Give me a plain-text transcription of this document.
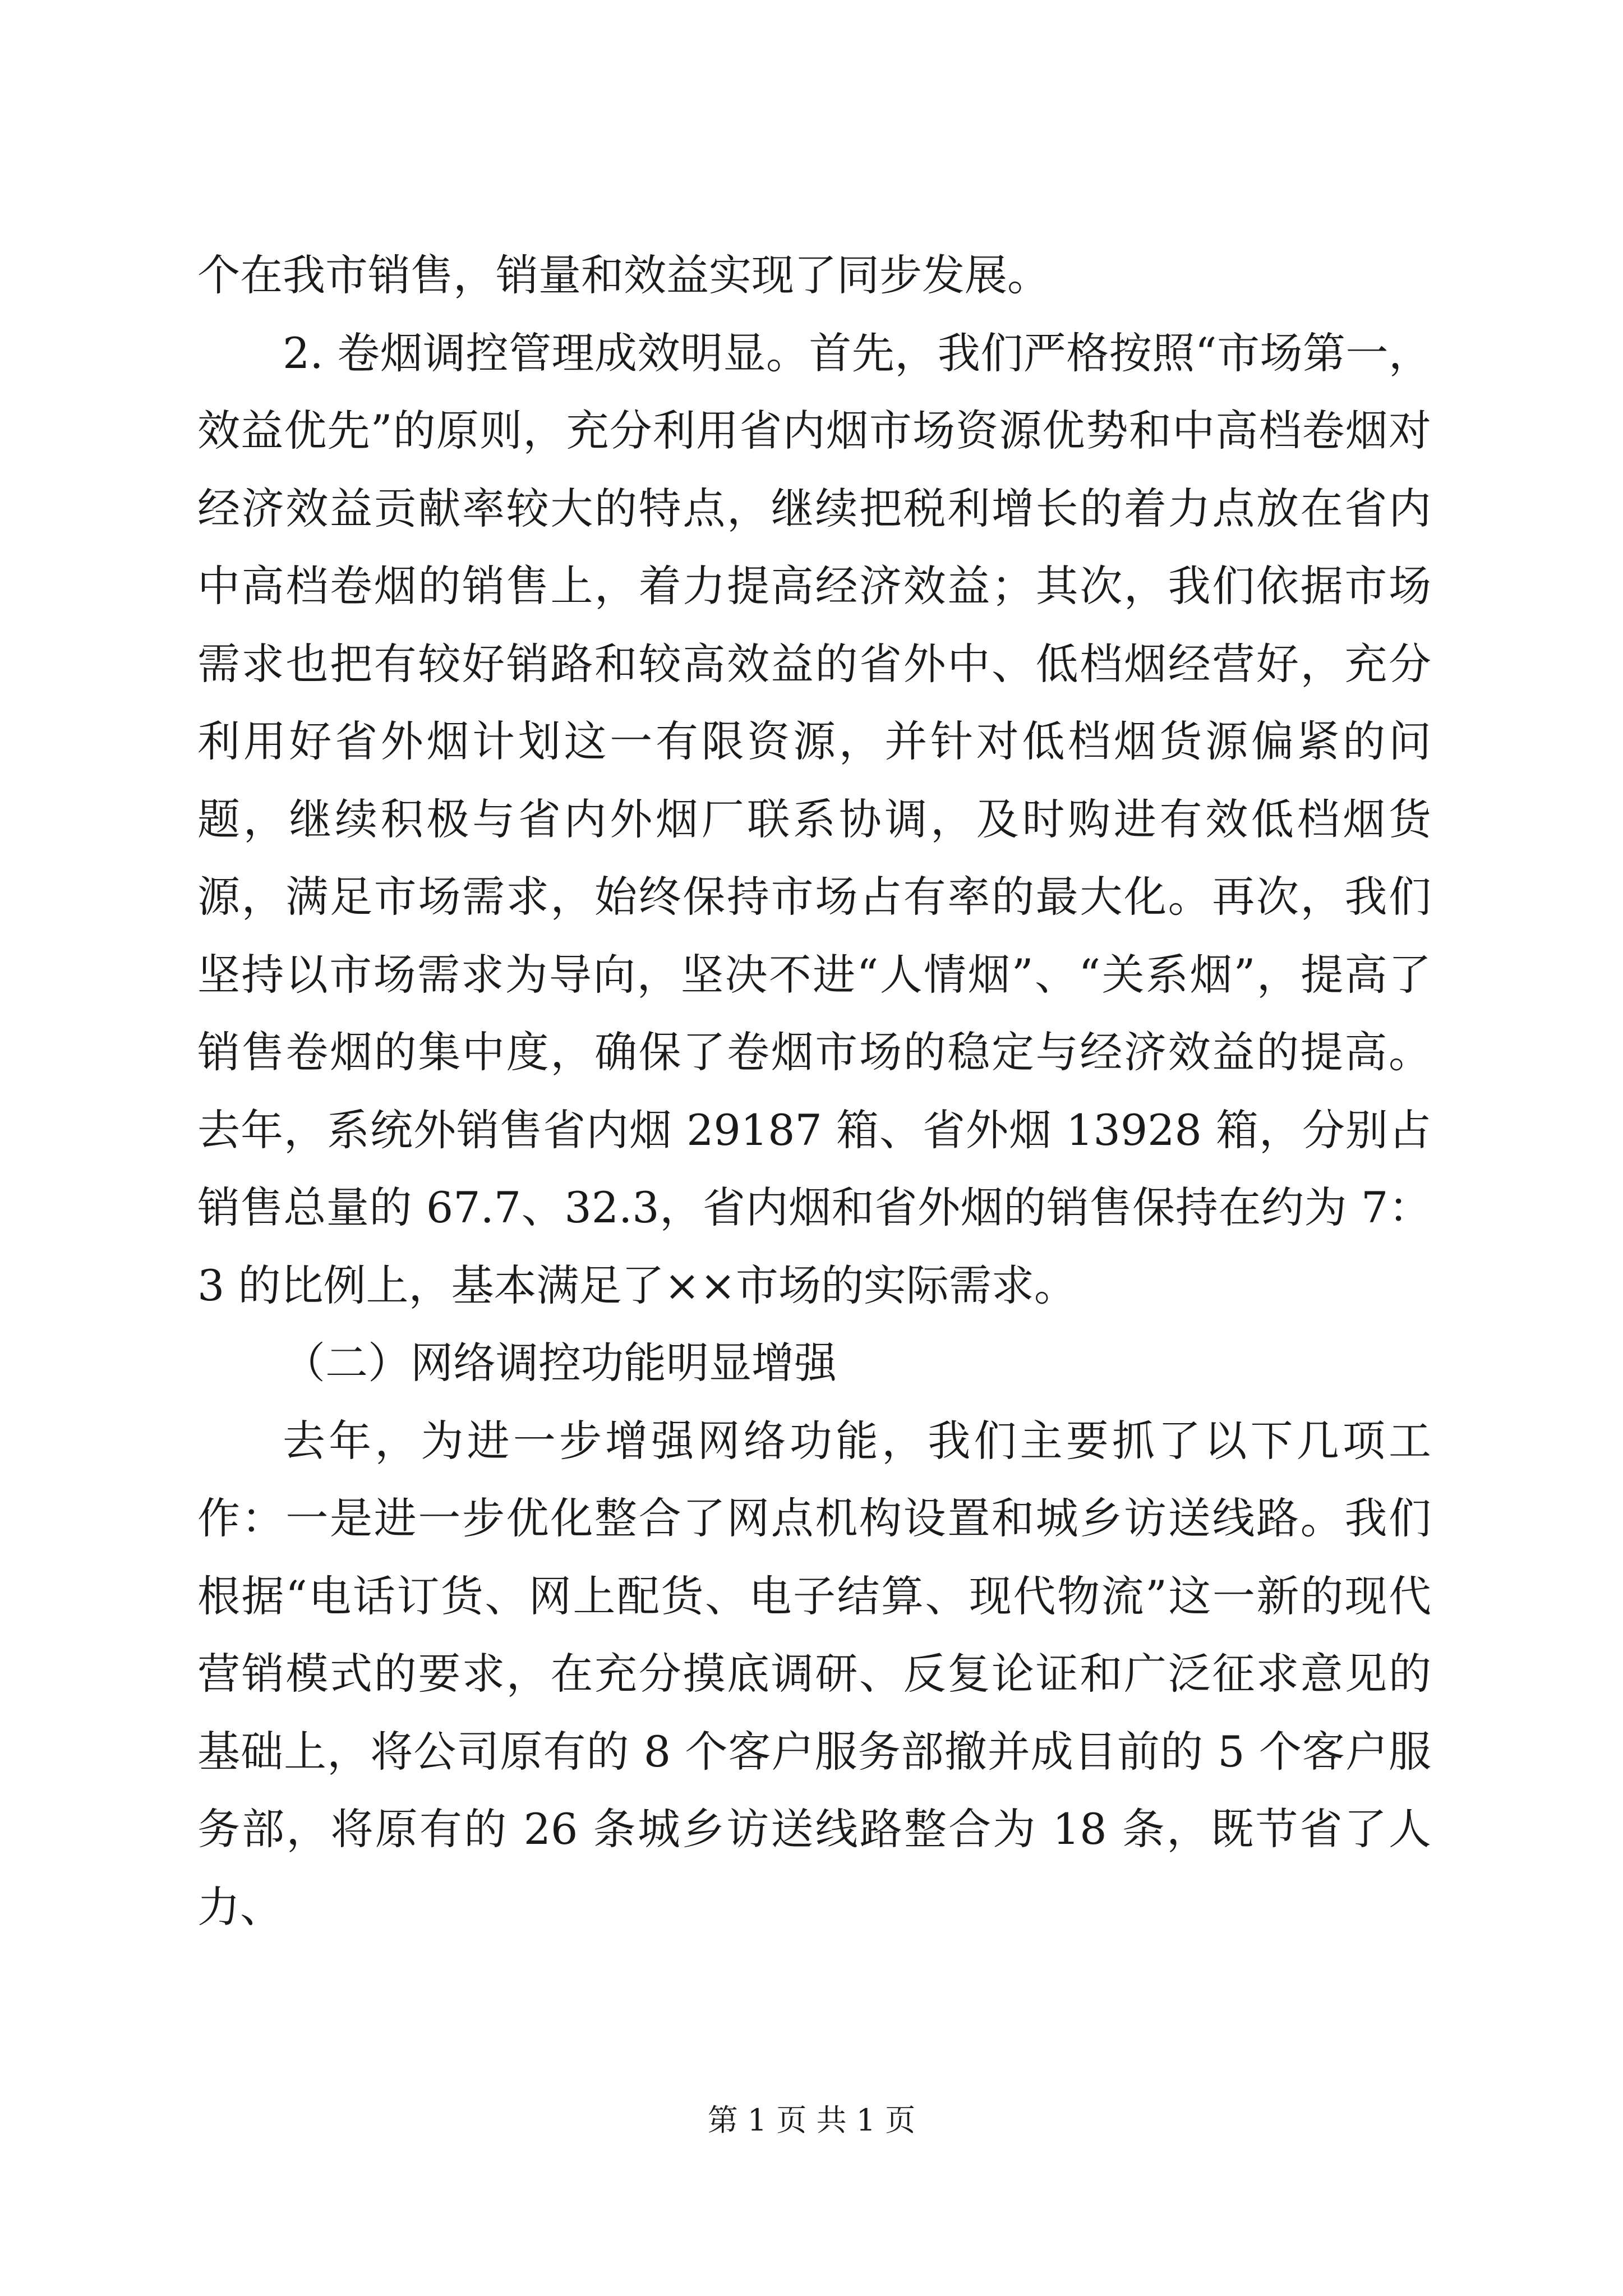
个在我市销售，销量和效益实现了同步发展。

2. 卷烟调控管理成效明显。首先，我们严格按照“市场第一，效益优先”的原则，充分利用省内烟市场资源优势和中高档卷烟对经济效益贡献率较大的特点，继续把税利增长的着力点放在省内中高档卷烟的销售上，着力提高经济效益；其次，我们依据市场需求也把有较好销路和较高效益的省外中、低档烟经营好，充分利用好省外烟计划这一有限资源，并针对低档烟货源偏紧的问题，继续积极与省内外烟厂联系协调，及时购进有效低档烟货源，满足市场需求，始终保持市场占有率的最大化。再次，我们坚持以市场需求为导向，坚决不进“人情烟”、“关系烟”，提高了销售卷烟的集中度，确保了卷烟市场的稳定与经济效益的提高。去年，系统外销售省内烟 29187 箱、省外烟 13928 箱，分别占销售总量的 67.7、32.3，省内烟和省外烟的销售保持在约为 7：3 的比例上，基本满足了××市场的实际需求。

（二）网络调控功能明显增强

去年，为进一步增强网络功能，我们主要抓了以下几项工作：一是进一步优化整合了网点机构设置和城乡访送线路。我们根据“电话订货、网上配货、电子结算、现代物流”这一新的现代营销模式的要求，在充分摸底调研、反复论证和广泛征求意见的基础上，将公司原有的 8 个客户服务部撤并成目前的 5 个客户服务部，将原有的 26 条城乡访送线路整合为 18 条，既节省了人力、

第 1 页 共 1 页
